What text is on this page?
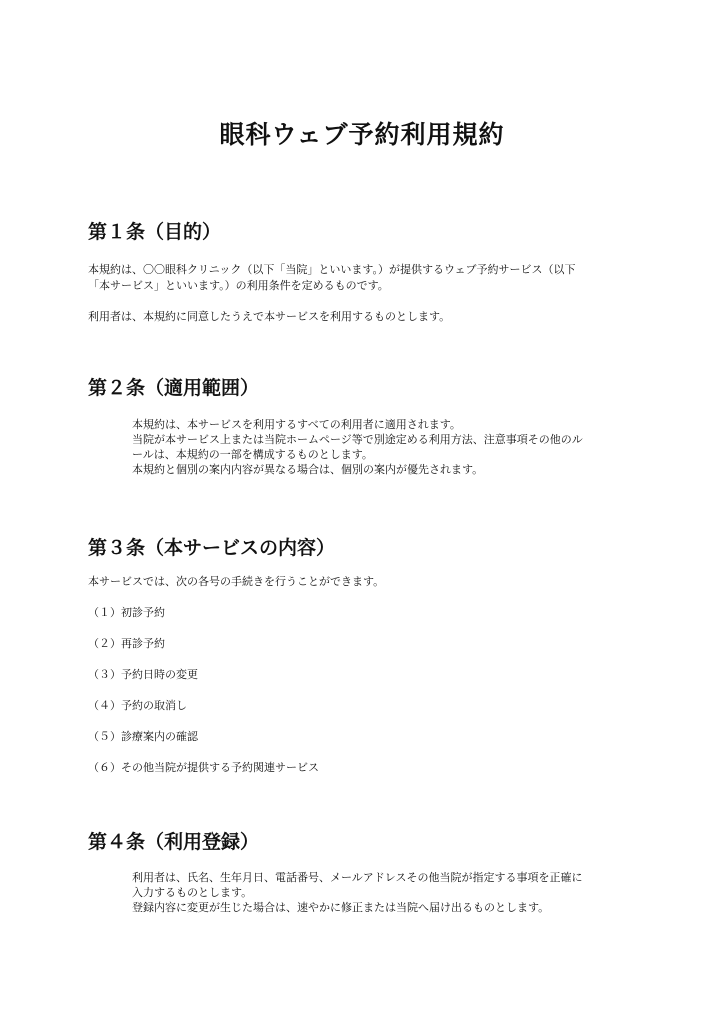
眼科ウェブ予約利用規約
第１条（目的）
本規約は、〇〇眼科クリニック（以下「当院」といいます。）が提供するウェブ予約サービス（以下
「本サービス」といいます。）の利用条件を定めるものです。
利用者は、本規約に同意したうえで本サービスを利用するものとします。
第２条（適用範囲）
本規約は、本サービスを利用するすべての利用者に適用されます。
当院が本サービス上または当院ホームページ等で別途定める利用方法、注意事項その他のル
ールは、本規約の一部を構成するものとします。
本規約と個別の案内内容が異なる場合は、個別の案内が優先されます。
第３条（本サービスの内容）
本サービスでは、次の各号の手続きを行うことができます。
（１）初診予約
（２）再診予約
（３）予約日時の変更
（４）予約の取消し
（５）診療案内の確認
（６）その他当院が提供する予約関連サービス
第４条（利用登録）
利用者は、氏名、生年月日、電話番号、メールアドレスその他当院が指定する事項を正確に
入力するものとします。
登録内容に変更が生じた場合は、速やかに修正または当院へ届け出るものとします。
